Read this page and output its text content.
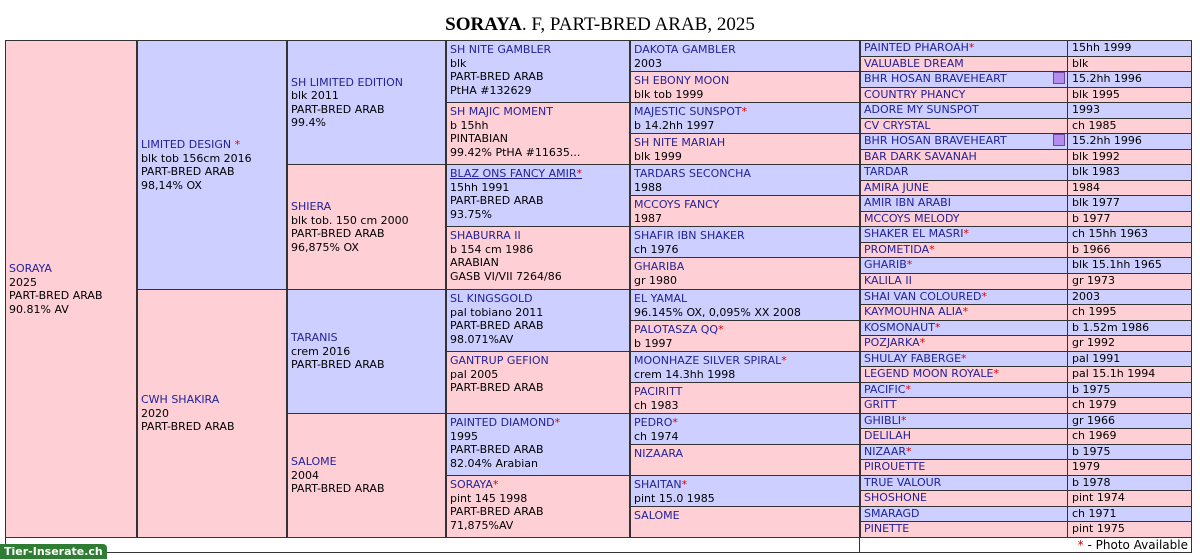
SORAYA. F, PART-BRED ARAB, 2025
SORAYA
2025
PART-BRED ARAB
90.81% AV
LIMITED DESIGN *
blk tob 156cm 2016
PART-BRED ARAB
98,14% OX
CWH SHAKIRA
2020
PART-BRED ARAB
SH LIMITED EDITION
blk 2011
PART-BRED ARAB
99.4%
SHIERA
blk tob. 150 cm 2000
PART-BRED ARAB
96,875% OX
TARANIS
crem 2016
PART-BRED ARAB
SALOME
2004
PART-BRED ARAB
SH NITE GAMBLER
blk
PART-BRED ARAB
PtHA #132629
SH MAJIC MOMENT
b 15hh
PINTABIAN
99.42% PtHA #11635...
BLAZ ONS FANCY AMIR*
15hh 1991
PART-BRED ARAB
93.75%
SHABURRA II
b 154 cm 1986
ARABIAN
GASB VI/VII 7264/86
SL KINGSGOLD
pal tobiano 2011
PART-BRED ARAB
98.071%AV
GANTRUP GEFION
pal 2005
PART-BRED ARAB
PAINTED DIAMOND*
1995
PART-BRED ARAB
82.04% Arabian
SORAYA*
pint 145 1998
PART-BRED ARAB
71,875%AV
DAKOTA GAMBLER
2003
SH EBONY MOON
blk tob 1999
MAJESTIC SUNSPOT*
b 14.2hh 1997
SH NITE MARIAH
blk 1999
TARDARS SECONCHA
1988
MCCOYS FANCY
1987
SHAFIR IBN SHAKER
ch 1976
GHARIBA
gr 1980
EL YAMAL
96.145% OX, 0,095% XX 2008
PALOTASZA QQ*
b 1997
MOONHAZE SILVER SPIRAL*
crem 14.3hh 1998
PACIRITT
ch 1983
PEDRO*
ch 1974
NIZAARA
SHAITAN*
pint 15.0 1985
SALOME
PAINTED PHAROAH*	15hh 1999
VALUABLE DREAM	blk
BHR HOSAN BRAVEHEART	15.2hh 1996
COUNTRY PHANCY	blk 1995
ADORE MY SUNSPOT	1993
CV CRYSTAL	ch 1985
BHR HOSAN BRAVEHEART	15.2hh 1996
BAR DARK SAVANAH	blk 1992
TARDAR	blk 1983
AMIRA JUNE	1984
AMIR IBN ARABI	blk 1977
MCCOYS MELODY	b 1977
SHAKER EL MASRI*	ch 15hh 1963
PROMETIDA*	b 1966
GHARIB*	blk 15.1hh 1965
KALILA II	gr 1973
SHAI VAN COLOURED*	2003
KAYMOUHNA ALIA*	ch 1995
KOSMONAUT*	b 1.52m 1986
POZJARKA*	gr 1992
SHULAY FABERGE*	pal 1991
LEGEND MOON ROYALE*	pal 15.1h 1994
PACIFIC*	b 1975
GRITT	ch 1979
GHIBLI*	gr 1966
DELILAH	ch 1969
NIZAAR*	b 1975
PIROUETTE	1979
TRUE VALOUR	b 1978
SHOSHONE	pint 1974
SMARAGD	ch 1971
PINETTE	pint 1975
* - Photo Available
Tier-Inserate.ch
